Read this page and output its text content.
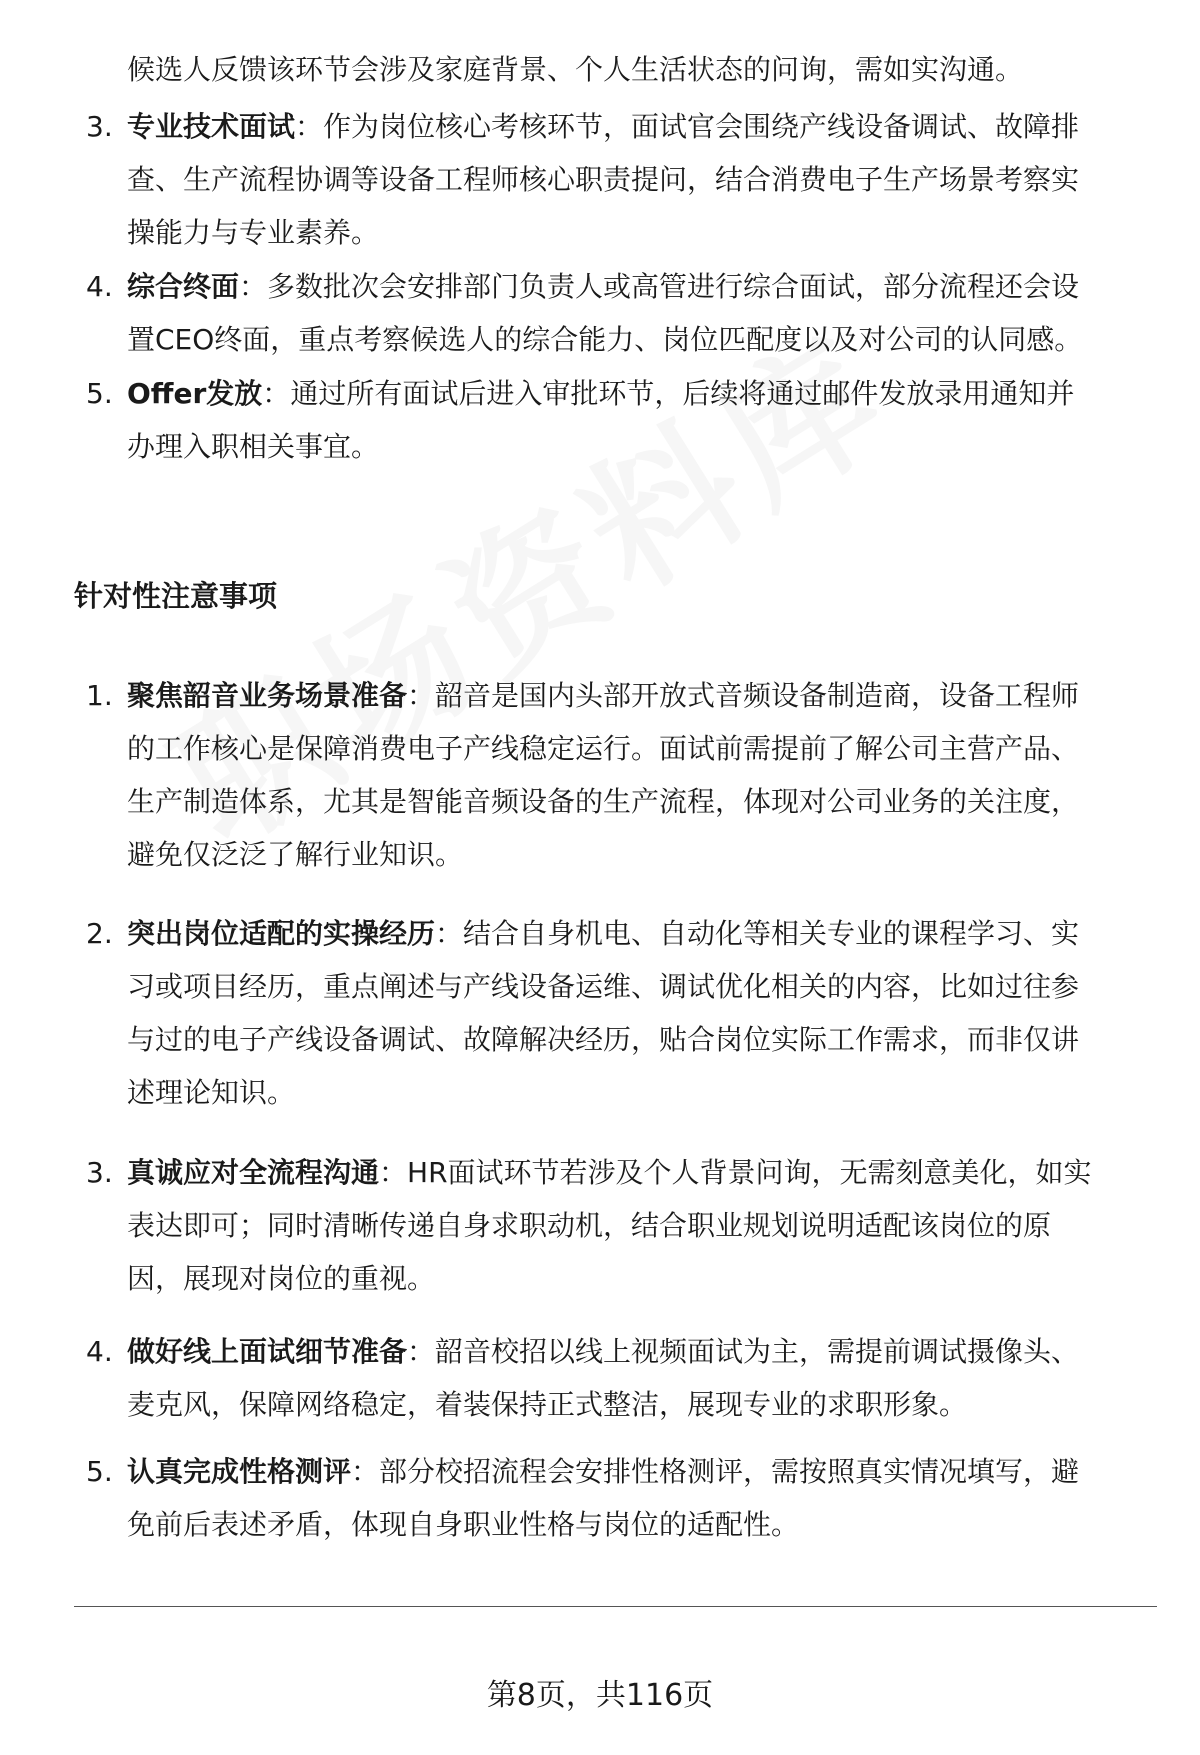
候选人反馈该环节会涉及家庭背景、个人生活状态的问询，需如实沟通。
3. 专业技术面试：作为岗位核心考核环节，面试官会围绕产线设备调试、故障排
查、生产流程协调等设备工程师核心职责提问，结合消费电子生产场景考察实
操能力与专业素养。
4. 综合终面：多数批次会安排部门负责人或高管进行综合面试，部分流程还会设
置CEO终面，重点考察候选人的综合能力、岗位匹配度以及对公司的认同感。
5. Offer发放：通过所有面试后进入审批环节，后续将通过邮件发放录用通知并
办理入职相关事宜。
针对性注意事项
1. 聚焦韶音业务场景准备：韶音是国内头部开放式音频设备制造商，设备工程师
的工作核心是保障消费电子产线稳定运行。面试前需提前了解公司主营产品、
生产制造体系，尤其是智能音频设备的生产流程，体现对公司业务的关注度，
避免仅泛泛了解行业知识。
2. 突出岗位适配的实操经历：结合自身机电、自动化等相关专业的课程学习、实
习或项目经历，重点阐述与产线设备运维、调试优化相关的内容，比如过往参
与过的电子产线设备调试、故障解决经历，贴合岗位实际工作需求，而非仅讲
述理论知识。
3. 真诚应对全流程沟通：HR面试环节若涉及个人背景问询，无需刻意美化，如实
表达即可；同时清晰传递自身求职动机，结合职业规划说明适配该岗位的原
因，展现对岗位的重视。
4. 做好线上面试细节准备：韶音校招以线上视频面试为主，需提前调试摄像头、
麦克风，保障网络稳定，着装保持正式整洁，展现专业的求职形象。
5. 认真完成性格测评：部分校招流程会安排性格测评，需按照真实情况填写，避
免前后表述矛盾，体现自身职业性格与岗位的适配性。
第8页，共116页
